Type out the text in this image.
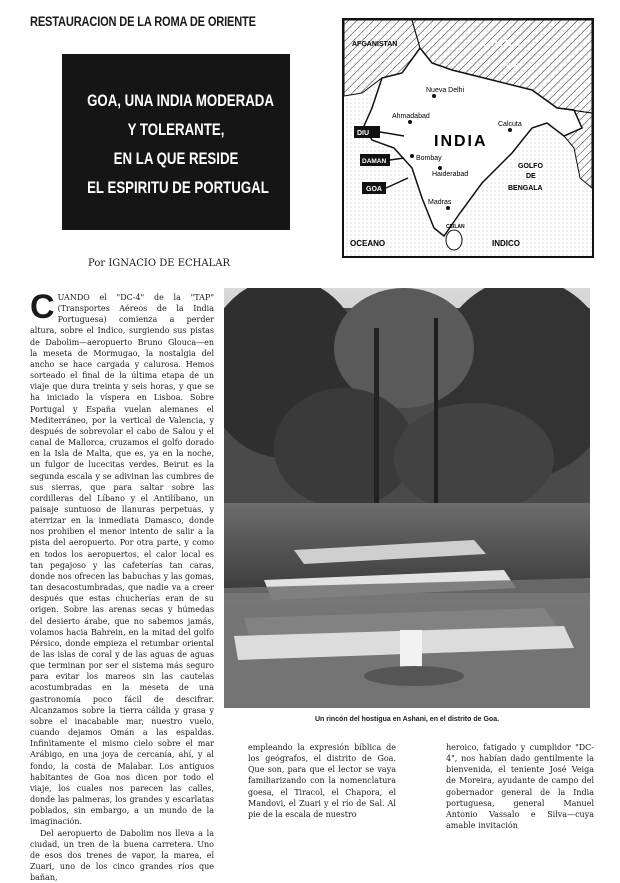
RESTAURACION DE LA ROMA DE ORIENTE
GOA, UNA INDIA MODERADA
Y TOLERANTE,
EN LA QUE RESIDE
EL ESPIRITU DE PORTUGAL
AFGANISTAN	C H I N A
TIBET
Nueva Delhi
Ahmadabad
INDIA
Calcuta
Bombay
Haiderabad
Madras
DIU
DAMAN
GOA
GOLFO
DE
BENGALA
OCEANO	INDICO
CEILAN
Por IGNACIO DE ECHALAR
Un rincón del hostigua en Ashani, en el distrito de Goa.
CUANDO el "DC-4" de la "TAP" (Transportes Aéreos de la India Portuguesa) comienza a perder altura, sobre el Indico, surgiendo sus pistas de Dabolim—aeropuerto Bruno Glouca—en la meseta de Mormugao, la nostalgia del ancho se hace cargada y calurosa. Hemos sorteado el final de la última etapa de un viaje que dura treinta y seis horas, y que se ha iniciado la víspera en Lisboa. Sobre Portugal y España vuelan alemanes el Mediterráneo, por la vertical de Valencia, y después de sobrevolar el cabo de Salou y el canal de Mallorca, cruzamos el golfo dorado en la Isla de Malta, que es, ya en la noche, un fulgor de lucecitas verdes. Beirut es la segunda escala y se adivinan las cumbres de sus sierras, que para saltar sobre las cordilleras del Líbano y el Antilíbano, un paisaje suntuoso de llanuras perpetuas, y aterrizar en la inmediata Damasco, donde nos prohiben el menor intento de salir a la pista del aeropuerto. Por otra parte, y como en todos los aeropuertos, el calor local es tan pegajoso y las cafeterías tan caras, donde nos ofrecen las babuchas y las gomas, tan desacostumbradas, que nadie va a creer después que estas chucherías eran de su origen. Sobre las arenas secas y húmedas del desierto árabe, que no sabemos jamás, volamos hacia Bahrein, en la mitad del golfo Pérsico, donde empieza el retumbar oriental de las islas de coral y de las aguas de aguas que terminan por ser el sistema más seguro para evitar los mareos sin las cautelas acostumbradas en la meseta de una gastronomía poco fácil de descifrar. Alcanzamos sobre la tierra cálida y grasa y sobre el inacabable mar, nuestro vuelo, cuando dejamos Omán a las espaldas. Infinitamente el mismo cielo sobre el mar Arábigo, en una joya de cercanía, ahí, y al fondo, la costa de Malabar. Los antiguos habitantes de Goa nos dicen por todo el viaje, los cuales nos parecen las calles, donde las palmeras, los grandes y escarlatas poblados, sin embargo, a un mundo de la imaginación.
Del aeropuerto de Dabolim nos lleva a la ciudad, un tren de la buena carretera. Uno de esos dos trenes de vapor, la marea, el Zuari, uno de los cinco grandes ríos que bañan,
empleando la expresión bíblica de los geógrafos, el distrito de Goa. Que son, para que el lector se vaya familiarizando con la nomenclatura goesa, el Tiracol, el Chapora, el Mandovi, el Zuari y el río de Sal. Al pie de la escala de nuestro
heroico, fatigado y cumplidor "DC-4", nos habían dado gentilmente la bienvenida, el teniente José Veiga de Moreira, ayudante de campo del gobernador general de la India portuguesa, general Manuel Antonio Vassalo e Silva—cuya amable invitación
